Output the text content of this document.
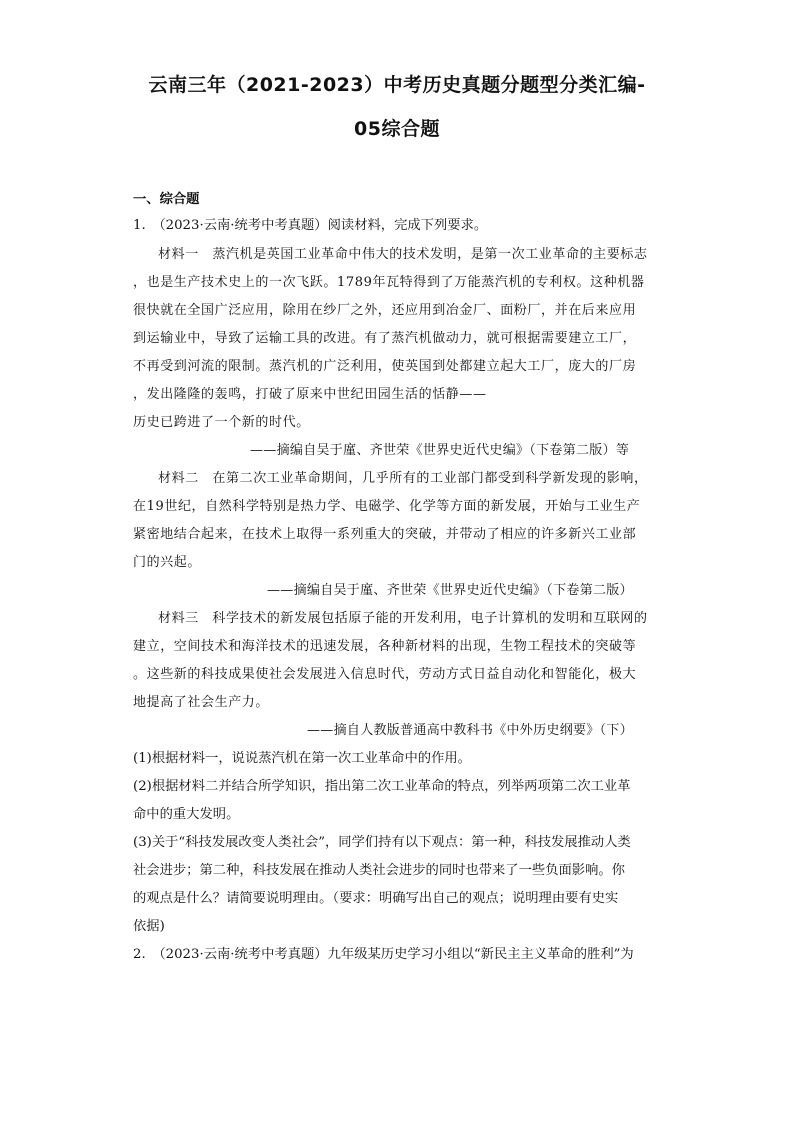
云南三年（2021-2023）中考历史真题分题型分类汇编-
05综合题
一、综合题
1.　（2023·云南·统考中考真题）阅读材料，完成下列要求。
材料一　蒸汽机是英国工业革命中伟大的技术发明，是第一次工业革命的主要标志
，也是生产技术史上的一次飞跃。1789年瓦特得到了万能蒸汽机的专利权。这种机器
很快就在全国广泛应用，除用在纱厂之外，还应用到冶金厂、面粉厂，并在后来应用
到运输业中，导致了运输工具的改进。有了蒸汽机做动力，就可根据需要建立工厂，
不再受到河流的限制。蒸汽机的广泛利用，使英国到处都建立起大工厂，庞大的厂房
，发出隆隆的轰鸣，打破了原来中世纪田园生活的恬静——
历史已跨进了一个新的时代。
——摘编自吴于廑、齐世荣《世界史近代史编》（下卷第二版）等
材料二　在第二次工业革命期间，几乎所有的工业部门都受到科学新发现的影响，
在19世纪，自然科学特别是热力学、电磁学、化学等方面的新发展，开始与工业生产
紧密地结合起来，在技术上取得一系列重大的突破，并带动了相应的许多新兴工业部
门的兴起。
——摘编自吴于廑、齐世荣《世界史近代史编》（下卷第二版）
材料三　科学技术的新发展包括原子能的开发利用，电子计算机的发明和互联网的
建立，空间技术和海洋技术的迅速发展，各种新材料的出现，生物工程技术的突破等
。这些新的科技成果使社会发展进入信息时代，劳动方式日益自动化和智能化，极大
地提高了社会生产力。
——摘自人教版普通高中教科书《中外历史纲要》（下）
(1)根据材料一，说说蒸汽机在第一次工业革命中的作用。
(2)根据材料二并结合所学知识，指出第二次工业革命的特点，列举两项第二次工业革
命中的重大发明。
(3)关于“科技发展改变人类社会”，同学们持有以下观点：第一种，科技发展推动人类
社会进步；第二种，科技发展在推动人类社会进步的同时也带来了一些负面影响。你
的观点是什么？请简要说明理由。（要求：明确写出自己的观点；说明理由要有史实
依据)
2.　（2023·云南·统考中考真题）九年级某历史学习小组以“新民主主义革命的胜利”为
